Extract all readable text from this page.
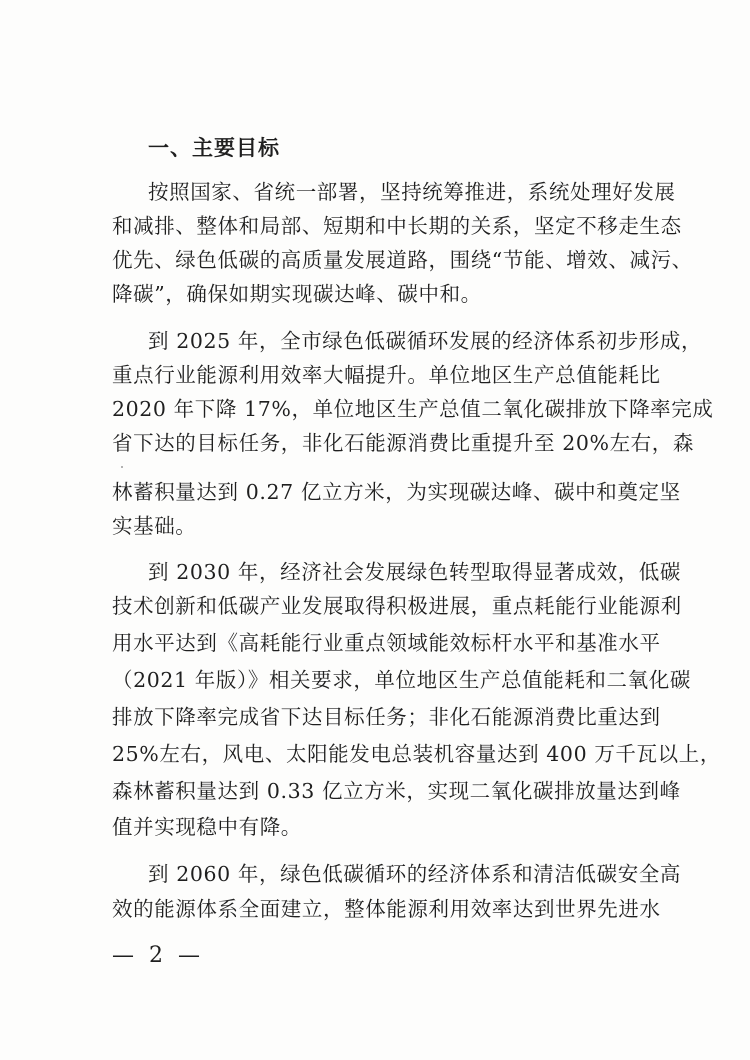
一、主要目标
按照国家、省统一部署，坚持统筹推进，系统处理好发展
和减排、整体和局部、短期和中长期的关系，坚定不移走生态
优先、绿色低碳的高质量发展道路，围绕“节能、增效、减污、
降碳”，确保如期实现碳达峰、碳中和。
到 2025 年，全市绿色低碳循环发展的经济体系初步形成，
重点行业能源利用效率大幅提升。单位地区生产总值能耗比
2020 年下降 17%，单位地区生产总值二氧化碳排放下降率完成
省下达的目标任务，非化石能源消费比重提升至 20%左右，森
林蓄积量达到 0.27 亿立方米，为实现碳达峰、碳中和奠定坚
实基础。
到 2030 年，经济社会发展绿色转型取得显著成效，低碳
技术创新和低碳产业发展取得积极进展，重点耗能行业能源利
用水平达到《高耗能行业重点领域能效标杆水平和基准水平
（2021 年版）》相关要求，单位地区生产总值能耗和二氧化碳
排放下降率完成省下达目标任务；非化石能源消费比重达到
25%左右，风电、太阳能发电总装机容量达到 400 万千瓦以上，
森林蓄积量达到 0.33 亿立方米，实现二氧化碳排放量达到峰
值并实现稳中有降。
到 2060 年，绿色低碳循环的经济体系和清洁低碳安全高
效的能源体系全面建立，整体能源利用效率达到世界先进水
— 2 —
